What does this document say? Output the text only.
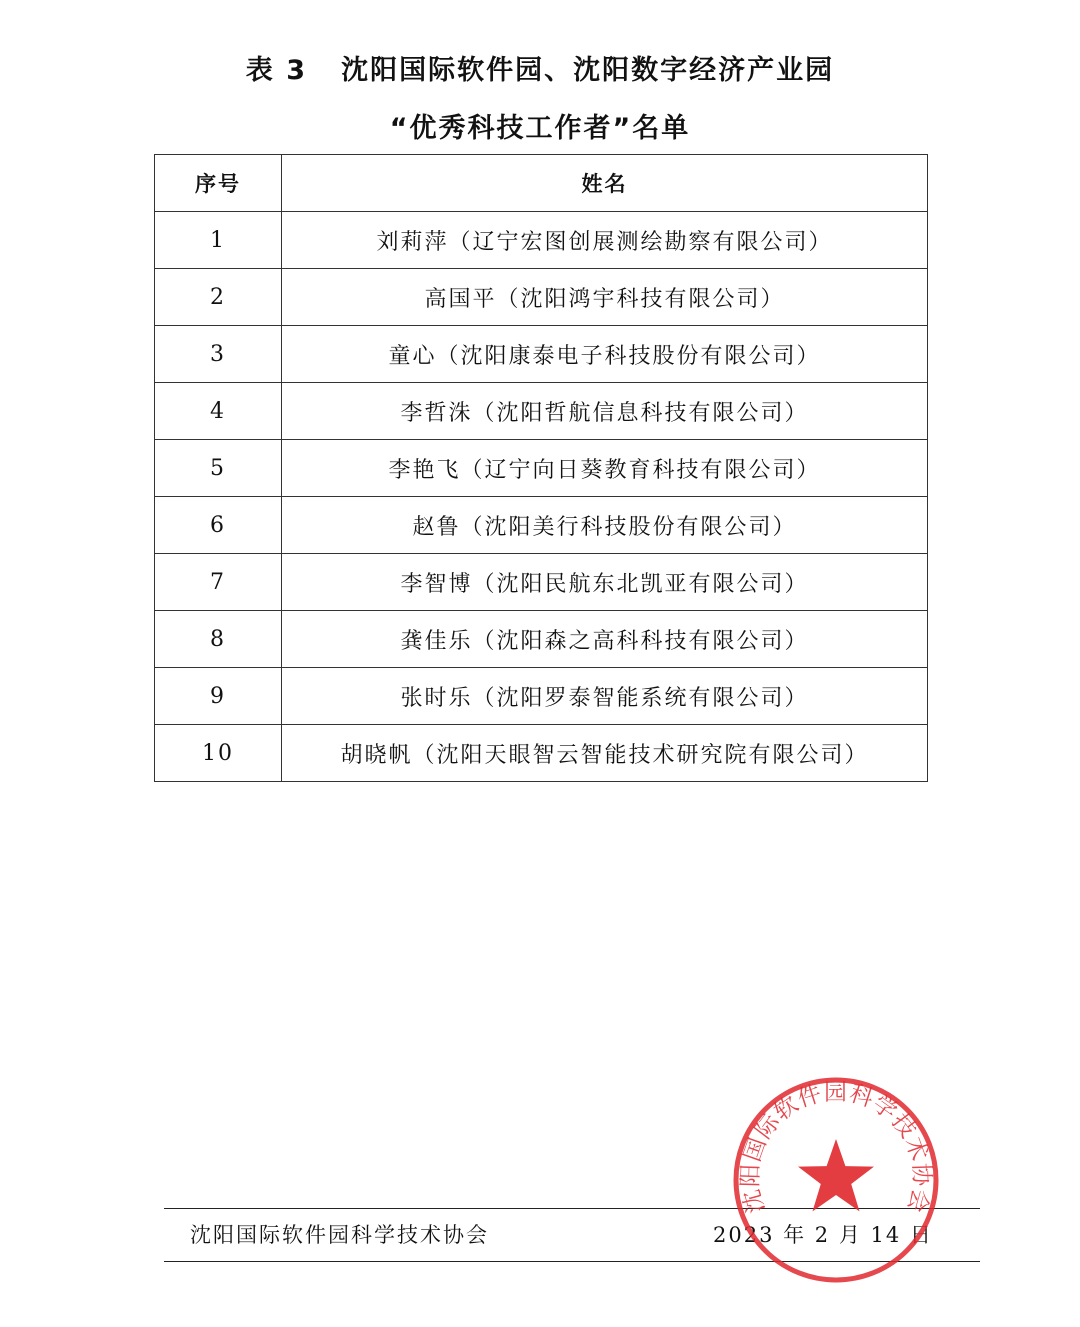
表 3   沈阳国际软件园、沈阳数字经济产业园
“优秀科技工作者”名单
序号	姓名
1	刘莉萍（辽宁宏图创展测绘勘察有限公司）
2	高国平（沈阳鸿宇科技有限公司）
3	童心（沈阳康泰电子科技股份有限公司）
4	李哲洙（沈阳哲航信息科技有限公司）
5	李艳飞（辽宁向日葵教育科技有限公司）
6	赵鲁（沈阳美行科技股份有限公司）
7	李智博（沈阳民航东北凯亚有限公司）
8	龚佳乐（沈阳森之高科科技有限公司）
9	张时乐（沈阳罗泰智能系统有限公司）
10	胡晓帆（沈阳天眼智云智能技术研究院有限公司）
沈阳国际软件园科学技术协会	2023 年 2 月 14 日
沈阳国际软件园科学技术协会
